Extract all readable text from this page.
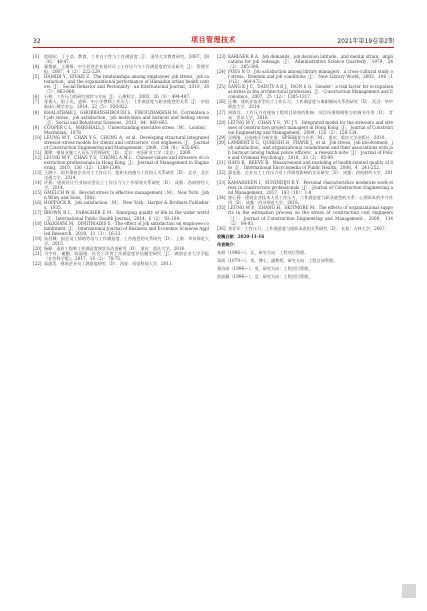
32	项目管理技术	2021年第19卷第2期
[3]	范昭昭，丁小浩．教育、工作自主性与工作满意度［J］．清华大学教育研究，2007，28（6）：40-47.
[4]	鄢俊斌，王维维．中小民营企业基层员工工作压力与工作满意度的实证研究［J］．管理学报，2007，4（2）：222-229.
[5]	HAMIDI Y，EIVAZI Z．The relationships among employees' job stress，job satisfaction，and the organizational performance of Hamadan urban health centers［J］．Social Behavior and Personality：an International Journal，2010，38（7）：963-968.
[6]	石林．工作压力的研究现状与方向［J］．心理科学，2003，26（3）：494-497.
[7]	张建人，阳子光，凌辉．中小学教师工作压力、工作满意度与职业倦怠的关系［J］．中国临床心理学杂志，2014，22（5）：920-922.
[8]	KHALATBARI J，GHORBANSHIROUDI S，FIROUZBAKHSH M．Correlation of job stress，job satisfaction，job motivation and burnout and feeling stress［J］．Social and Behavioral Sciences，2013，84：860-863.
[9]	COOPER C L，MARSHALL J．Understanding executive stress［M］．London：Macmillan，1978.
[10] LEUNG M Y，CHAN Y S，CHONG A，et al．Developing structural integrated stressor-stress models for clients and contractors' cost engineers［J］．Journal of Construction Engineering and Management，2008，134（8）：635-643.
[11] 董晔．建筑业施工人员压力管理研究［D］．北京：中国矿业大学（北京），2009.
[12] LEUNG M Y，CHAN Y S，CHONG A M L．Chinese values and stressors of construction professionals in Hong Kong［J］．Journal of Management in Engineering，2010，136（12）：1289-1298.
[13] 王晓宁．国有建筑企业员工工作压力、组织支持感与工作投入关系研究［D］．北京：北京交通大学，2014.
[14] 许燕．建筑设计行业知识型员工工作压力与工作绩效关系研究［D］．成都：西南财经大学，2014.
[15] GMELCH W H．Beyond stress to effective management［M］．New York：John Wiley and Sons，1982.
[16] HOPPOCK R．Job satisfaction［M］．New York：Harper & Brothers Publishers，1935.
[17] BROWN R L，FARAGHER E M．Emerging quality of life in the wider world［J］．International Public Health Journal，2014，6（2）：93-104.
[18] DALKRANI M，DIMITRIADIS E．The effect of job satisfaction on employee commitment［J］．International Journal of Business and Economic Sciences Applied Research，2018，11（3）：16-23.
[19] 朱昌城．国企员工情绪劳动与工作满意度、工作倦怠的关系研究［D］．上海：华东师范大学，2015.
[20] 杨静．造价工程师工作满意度现状及改进研究［D］．重庆：重庆大学，2016.
[21] 马宇叶，谢勤，陈淑逸．社会工作者工作满意度评估模型研究［J］．湖南农业大学学报（社会科学版），2017，18（2）：70-75.
[22] 高渝美．建筑企业员工满意度研究［D］．西安：西安科技大学，2011.
[23] KARESEK R A．Job demands，job decision latitude，and mental strain：implications for job redesign［J］．Administrative Science Quarterly，1979，24（2）：285-308.
[24] POES N O．Job satisfaction among library managers：a cross-cultural study of stress，freedom and job conditions［J］．New Library World，2003，104（11/12）：464-473.
[25] SANG K J C，DAINTY A R J，ISON S G．Gender：a risk factor for occupational stress in the architectural profession［J］．Construction Management and Economics，2007，25（12）：1305-1317.
[26] 汪琳．建筑业技术型员工工作压力、工作满意度与离职倾向关系的研究［D］．武汉：华中师范大学，2014.
[27] 周海洋．工作压力对建筑工程项目绩效的影响：项目经理情绪智力的调节作用［D］．青岛：青岛大学，2016.
[28] LEUNG M Y，CHAN Y S，YU J Y．Integrated model for the stressors and stresses of construction project managers in Hong Kong［J］．Journal of Construction Engineering and Management，2009，135（2）：126-134.
[29] 吴明隆．问卷统计分析实务：SPSS操作与应用［M］．重庆：重庆大学出版社，2010.
[30] LAMBERT E G，QURESHI H，FRANK J，et al．Job stress，job involvement，job satisfaction，and organizational commitment and their associations with job burnout among Indian police officers：a research note［J］．Journal of Police and Criminal Psychology，2018，33（2）：85-99.
[31] HAYS R，REEVE B．Measurement and modeling of health-related quality of life［J］．International Encyclopedia of Public Health，2008，4：241-252.
[32] 邵先超．企业员工工作压力对工作绩效影响的实证研究［D］．成都：西南财经大学，2011.
[33] KAMARDEEN I，SUNINDIJO R Y．Personal characteristics moderate work stress in construction professionals［J］．Journal of Construction Engineering and Management，2017，143（10）：1-8.
[34] 崔心莉．建筑企业技术人员工作压力、工作满意度与职业倦怠的关系：心理资本的中介作用［D］．成都：四川师范大学，2018.
[35] LEUNG M Y，ZHANG H，SKITMORE M．The effects of organizational supports in the estimation process on the stress of construction cost engineers［J］．Journal of Construction Engineering and Management，2008，134（2）：84-93.
[36] 金亚军．工作压力、工作满意度与组织承诺的关系研究［D］．长春：吉林大学，2007.
收稿日期：2020-11-16
作者简介：
朱彻（1996—），女，研究方向：工程项目管理。
邓尚（1979—），男，博士，副教授，研究方向：工程合同管理。
郑昌南（1996—），男，研究方向：工程项目管理。
彭高颖（1996—），女，研究方向：工程项目管理。
